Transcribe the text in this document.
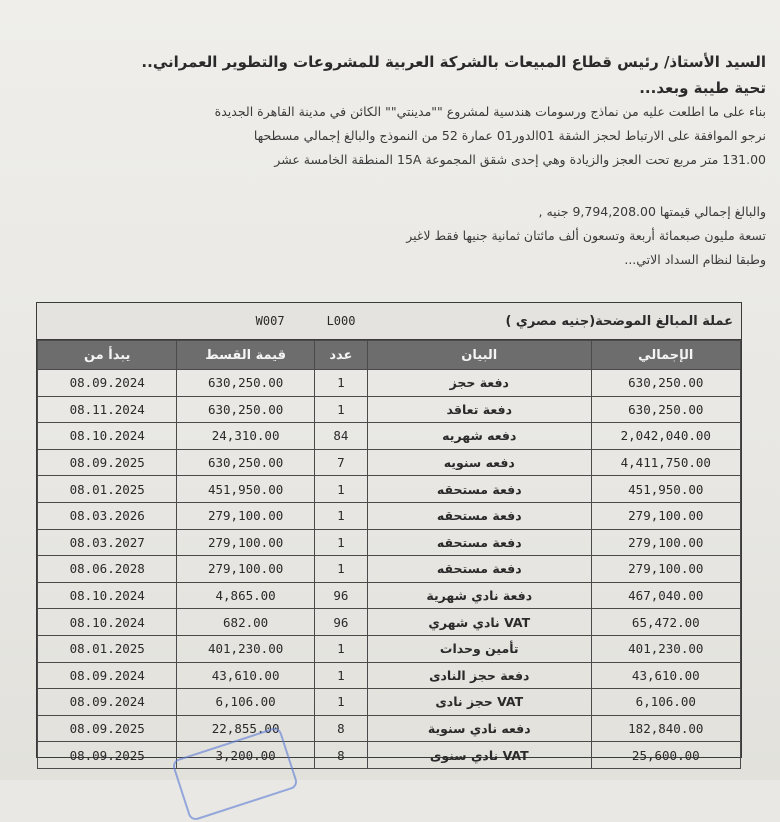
السيد الأستاذ/ رئيس قطاع المبيعات بالشركة العربية للمشروعات والتطوير العمراني..

تحية طيبة وبعد...

بناء على ما اطلعت عليه من نماذج ورسومات هندسية لمشروع ""مدينتي"" الكائن في مدينة القاهرة الجديدة

نرجو الموافقة على الارتباط لحجز الشقة 01الدور01 عمارة 52 من النموذج والبالغ إجمالي مسطحها

131.00 متر مربع تحت العجز والزيادة وهي إحدى شقق المجموعة 15A المنطقة الخامسة عشر

والبالغ إجمالي قيمتها 9,794,208.00 جنيه ,

تسعة مليون صبعمائة أربعة وتسعون ألف مائتان ثمانية جنيها فقط لاغير

وطبقا لنظام السداد الاتي...

عملة المبالغ الموضحة(جنيه مصري )
W007	L000
الإجمالي	البيان	عدد	قيمة القسط	يبدأ من
630,250.00	دفعة حجز	1	630,250.00	08.09.2024
630,250.00	دفعة تعاقد	1	630,250.00	08.11.2024
2,042,040.00	دفعه شهريه	84	24,310.00	08.10.2024
4,411,750.00	دفعه سنويه	7	630,250.00	08.09.2025
451,950.00	دفعة مستحقه	1	451,950.00	08.01.2025
279,100.00	دفعة مستحقه	1	279,100.00	08.03.2026
279,100.00	دفعة مستحقه	1	279,100.00	08.03.2027
279,100.00	دفعة مستحقه	1	279,100.00	08.06.2028
467,040.00	دفعة نادي شهرية	96	4,865.00	08.10.2024
65,472.00	VAT نادي شهري	96	682.00	08.10.2024
401,230.00	تأمين وحدات	1	401,230.00	08.01.2025
43,610.00	دفعة حجز النادى	1	43,610.00	08.09.2024
6,106.00	VAT حجز نادى	1	6,106.00	08.09.2024
182,840.00	دفعه نادي سنوية	8	22,855.00	08.09.2025
25,600.00	VAT نادي سنوى	8	3,200.00	08.09.2025
